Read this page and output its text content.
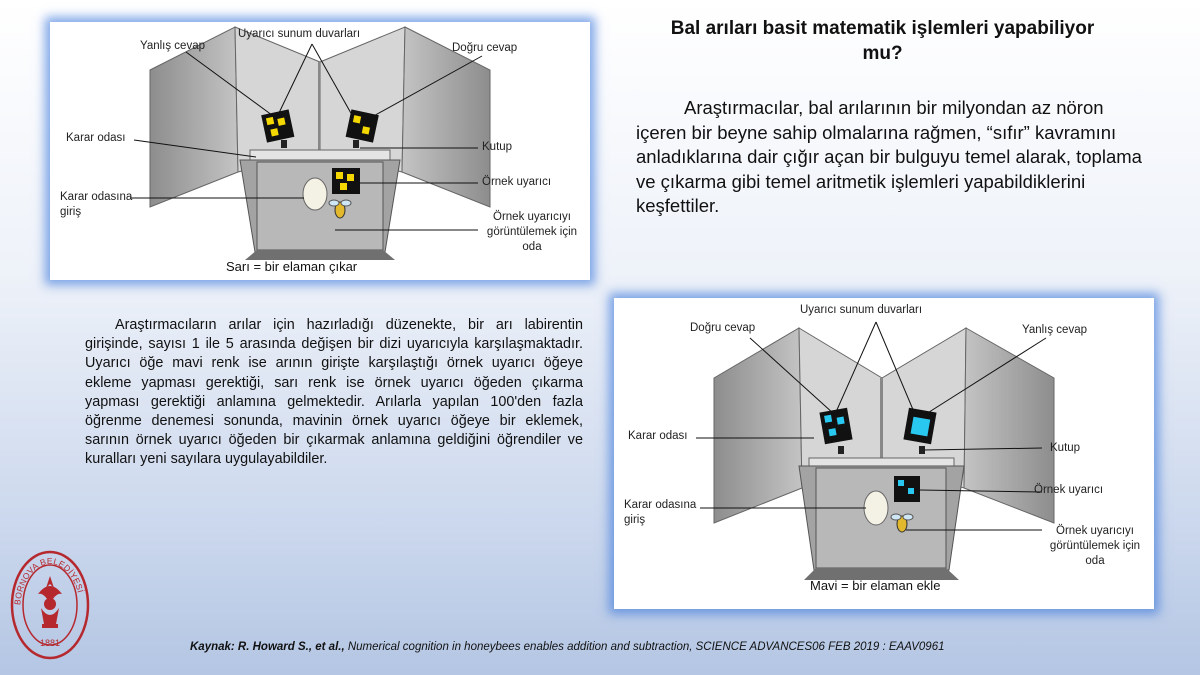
Bal arıları basit matematik işlemleri yapabiliyor mu?
Araştırmacılar, bal arılarının bir milyondan az nöron içeren bir beyne sahip olmalarına rağmen, “sıfır” kavramını anladıklarına dair çığır açan bir bulguyu temel alarak, toplama ve çıkarma gibi temel aritmetik işlemleri yapabildiklerini keşfettiler.
Uyarıcı sunum duvarları
Yanlış cevap	Doğru cevap
Karar odası
Kutup
Örnek uyarıcı
Karar odasına giriş	Örnek uyarıcıyı görüntülemek için oda
Sarı = bir elaman çıkar
Araştırmacıların arılar için hazırladığı düzenekte, bir arı labirentin girişinde, sayısı 1 ile 5 arasında değişen bir dizi uyarıcıyla karşılaşmaktadır. Uyarıcı öğe mavi renk ise arının girişte karşılaştığı örnek uyarıcı öğeye ekleme yapması gerektiği, sarı renk ise örnek uyarıcı öğeden çıkarma yapması gerektiği anlamına gelmektedir. Arılarla yapılan 100'den fazla öğrenme denemesi sonunda, mavinin örnek uyarıcı öğeye bir eklemek, sarının örnek uyarıcı öğeden bir çıkarmak anlamına geldiğini öğrendiler ve kuralları yeni sayılara uygulayabildiler.
Uyarıcı sunum duvarları
Doğru cevap	Yanlış cevap
Karar odası
Kutup
Örnek uyarıcı
Karar odasına giriş
Örnek uyarıcıyı görüntülemek için oda
Mavi = bir elaman ekle
BORNOVA BELEDİYESİ
1881	Kaynak: R. Howard S., et al., Numerical cognition in honeybees enables addition and subtraction, SCIENCE ADVANCES06 FEB 2019 : EAAV0961
